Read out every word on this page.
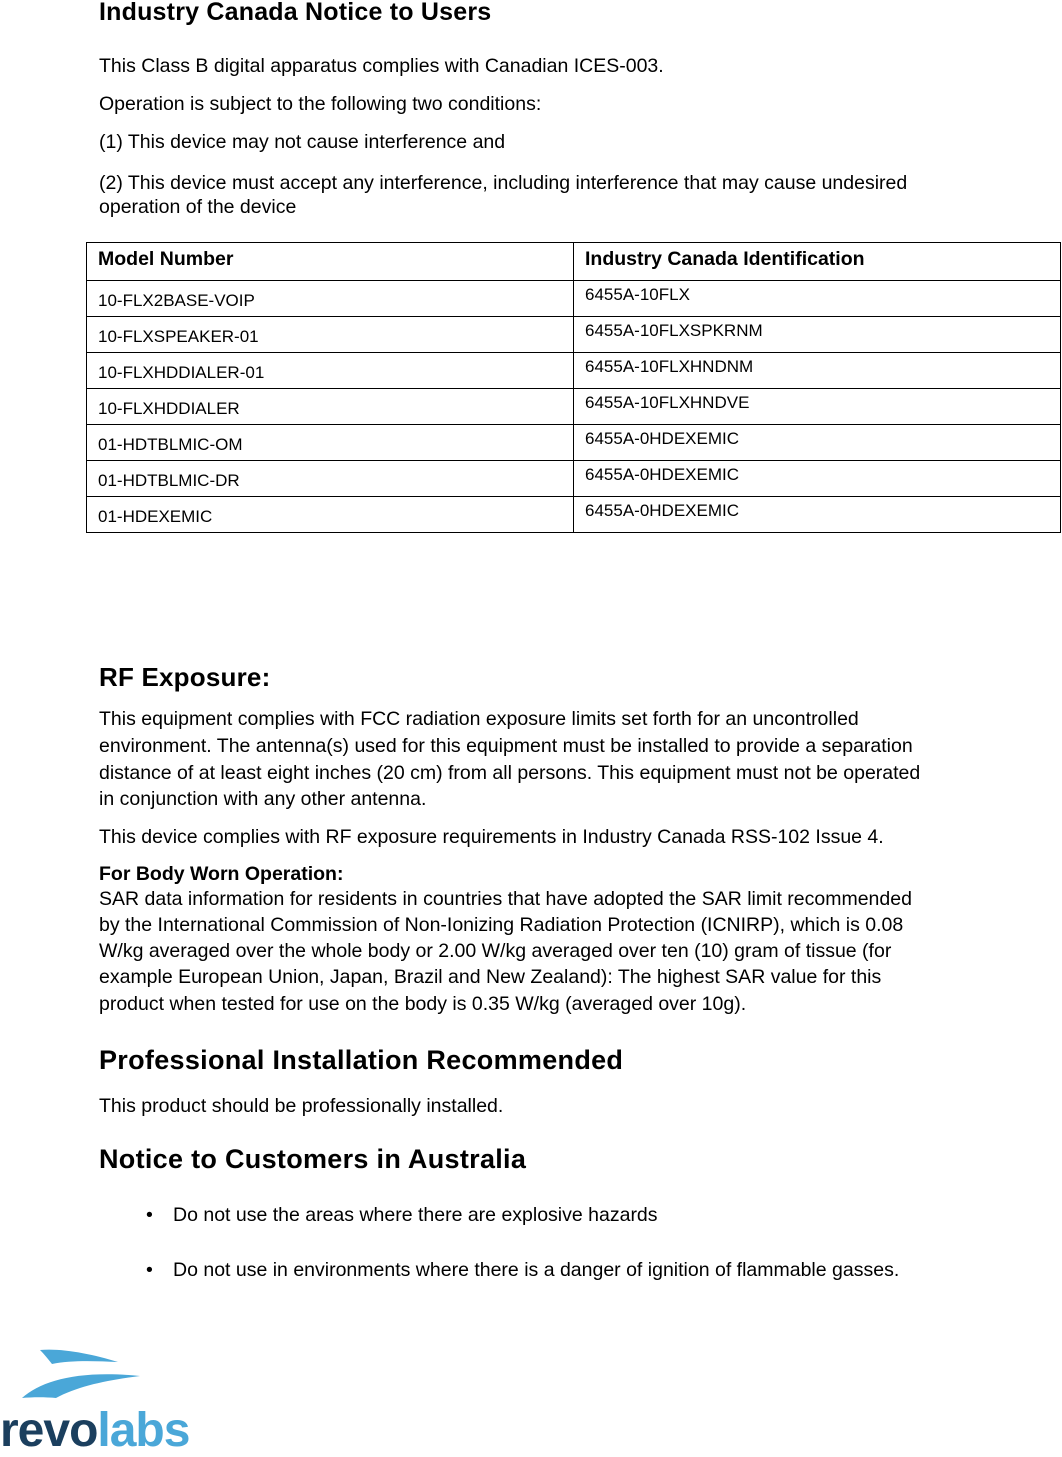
Industry Canada Notice to Users

This Class B digital apparatus complies with Canadian ICES-003.

Operation is subject to the following two conditions:

(1) This device may not cause interference and

(2) This device must accept any interference, including interference that may cause undesired

operation of the device

Model Number	Industry Canada Identification
10-FLX2BASE-VOIP	6455A-10FLX
10-FLXSPEAKER-01	6455A-10FLXSPKRNM
10-FLXHDDIALER-01	6455A-10FLXHNDNM
10-FLXHDDIALER	6455A-10FLXHNDVE
01-HDTBLMIC-OM	6455A-0HDEXEMIC
01-HDTBLMIC-DR	6455A-0HDEXEMIC
01-HDEXEMIC	6455A-0HDEXEMIC
RF Exposure:

This equipment complies with FCC radiation exposure limits set forth for an uncontrolled

environment. The antenna(s) used for this equipment must be installed to provide a separation

distance of at least eight inches (20 cm) from all persons. This equipment must not be operated

in conjunction with any other antenna.

This device complies with RF exposure requirements in Industry Canada RSS-102 Issue 4.

For Body Worn Operation:

SAR data information for residents in countries that have adopted the SAR limit recommended

by the International Commission of Non-Ionizing Radiation Protection (ICNIRP), which is 0.08

W/kg averaged over the whole body or 2.00 W/kg averaged over ten (10) gram of tissue (for

example European Union, Japan, Brazil and New Zealand): The highest SAR value for this

product when tested for use on the body is 0.35 W/kg (averaged over 10g).

Professional Installation Recommended

This product should be professionally installed.

Notice to Customers in Australia
• Do not use the areas where there are explosive hazards
• Do not use in environments where there is a danger of ignition of flammable gasses.
revolabs
